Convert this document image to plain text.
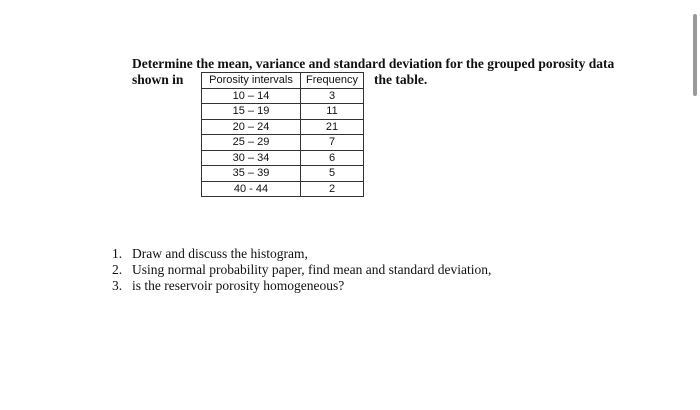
Determine the mean, variance and standard deviation for the grouped porosity data
shown in	the table.
Porosity intervals	Frequency
10 – 14	3
15 – 19	11
20 – 24	21
25 – 29	7
30 – 34	6
35 – 39	5
40 - 44	2
1. Draw and discuss the histogram,
2. Using normal probability paper, find mean and standard deviation,
3. is the reservoir porosity homogeneous?
